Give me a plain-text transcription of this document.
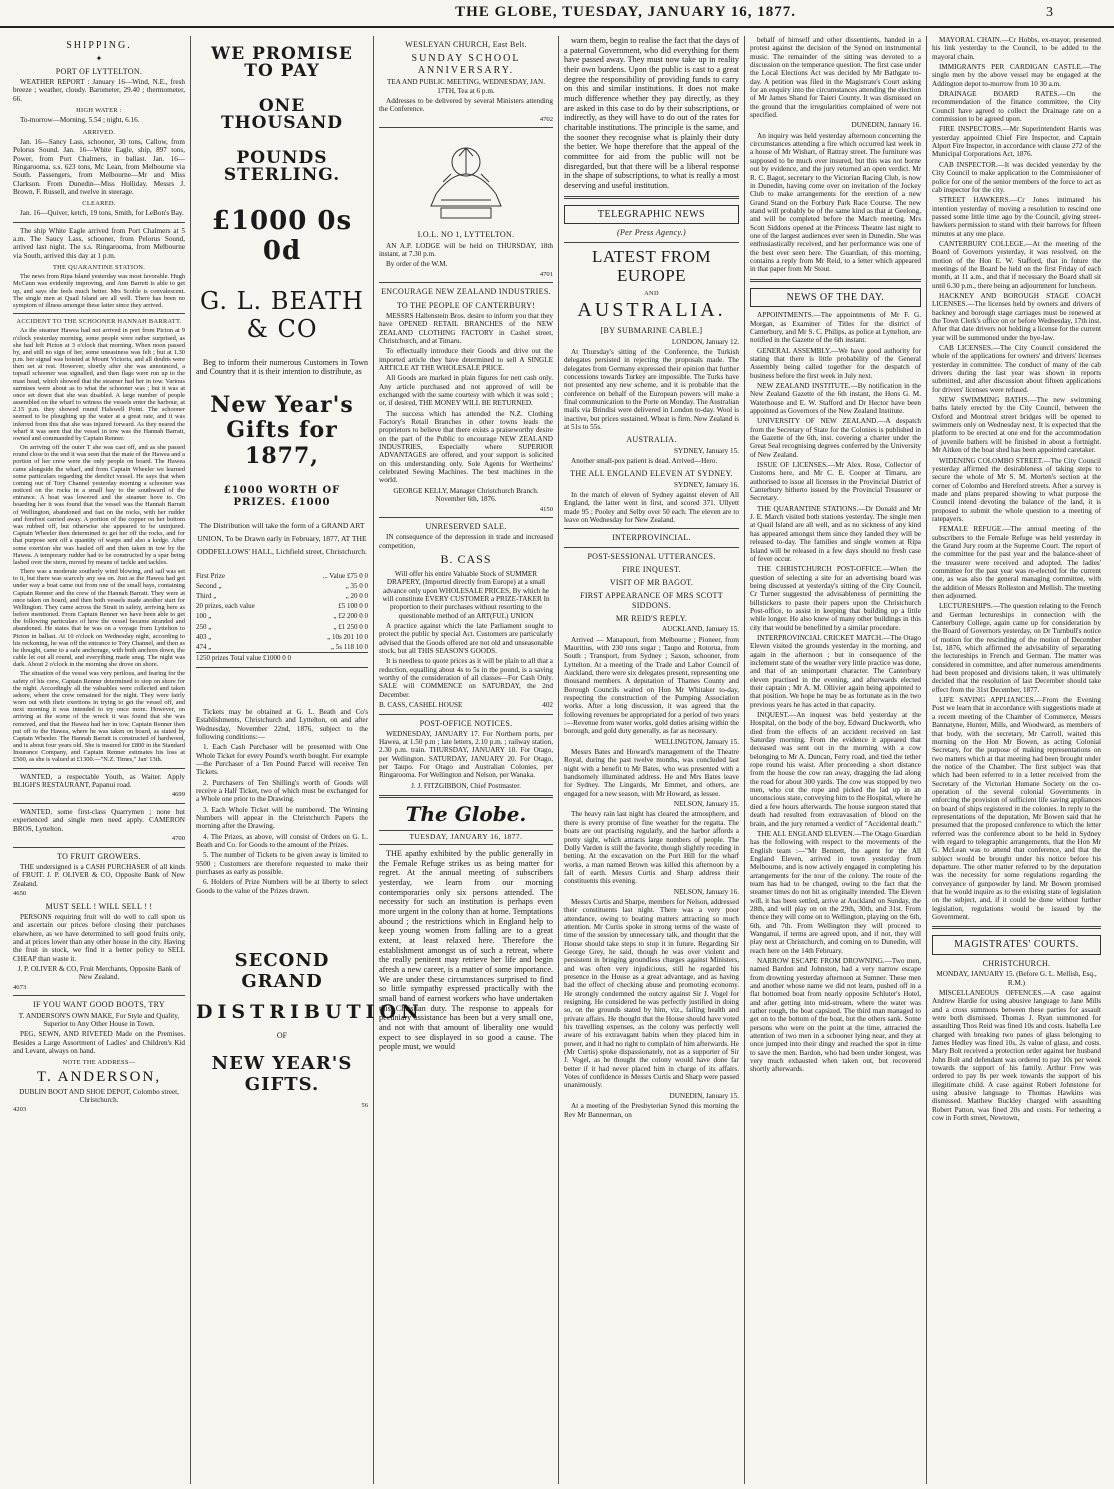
THE GLOBE, TUESDAY, JANUARY 16, 1877.	3
SHIPPING.
✦
PORT OF LYTTELTON.

WEATHER REPORT : January 16—Wind, N.E., fresh breeze ; weather, cloudy. Barometer, 29.40 ; thermometer, 66.

HIGH WATER :

To-morrow—Morning, 5.54 ; night, 6.16.

ARRIVED.

Jan. 16—Sancy Lass, schooner, 30 tons, Callow, from Pelorus Sound. Jan. 16—White Eagle, ship, 897 tons, Power, from Port Chalmers, in ballast. Jan. 16—Ringarooma, s.s. 623 tons, Mc Lean, from Melbourne via South. Passengers, from Melbourne—Mr and Miss Clarkson. From Dunedin—Miss Holliday. Messrs J. Brown, F. Russell, and twelve in steerage.

CLEARED.

Jan. 16—Quiver, ketch, 19 tons, Smith, for LeBon's Bay.

The ship White Eagle arrived from Port Chalmers at 5 a.m. The Saucy Lass, schooner, from Pelorus Sound, arrived last night. The s.s. Ringarooma, from Melbourne via South, arrived this day at 1 p.m.

THE QUARANTINE STATION.

The news from Ripa Island yesterday was most favorable. Hugh McCann was evidently improving, and Ann Barrett is able to get up, and says she feels much better. Mrs Scoble is convalescent. The single men at Quail Island are all well. There has been no symptom of illness amongst these latter since they arrived.

ACCIDENT TO THE SCHOONER HANNAH BARRATT.

As the steamer Hawea had not arrived in port from Picton at 9 o'clock yesterday morning, some people were rather surprised, as she had left Picton at 3 o'clock that morning. When noon passed by, and still no sign of her, some uneasiness was felt ; but at 1.30 p.m. her signal was hoisted at Mount Victoria, and all doubts were then set at rest. However, shortly after she was announced, a topsail schooner was signalled, and then flags were run up to the mast head, which showed that the steamer had her in tow. Various surmises were about as to what the schooner was ; but it was at once set down that she was disabled. A large number of people assembled on the wharf to witness the vessels enter the harbour, at 2.15 p.m. they showed round Halswell Point. The schooner seemed to be ploughing up the water at a great rate, and it was inferred from this that she was injured forward. As they neared the wharf it was seen that the vessel in tow was the Hannah Barratt, owned and commanded by Captain Renner.

On arriving off the outer T she was cast off, and as she passed round close to the end it was seen that the mate of the Hawea and a portion of her crew were the only people on board. The Hawea came alongside the wharf, and from Captain Wheeler we learned some particulars regarding the derelict vessel. He says that when coming out of Tory Channel yesterday morning a schooner was noticed on the rocks in a small bay to the southward of the entrance. A boat was lowered and the steamer hove to. On boarding her it was found that the vessel was the Hannah Barratt of Wellington, abandoned and fast on the rocks, with her rudder and forefoot carried away. A portion of the copper on her bottom was rubbed off, but otherwise she appeared to be uninjured. Captain Wheeler then determined to get her off the rocks, and for that purpose sent off a quantity of warps and also a kedge. After some exertion she was hauled off and then taken in tow by the Hawea. A temporary rudder had to be constructed by a spar being lashed over the stern, moved by means of tackle and tackles.

There was a moderate southerly wind blowing, and sail was set to it, but there was scarcely any sea on. Just as the Hawea had got under way a boat came out from one of the small bays, containing Captain Renner and the crew of the Hannah Barratt. They were at once taken on board, and then both vessels made another start for Wellington. They came across the Strait in safety, arriving here as before mentioned. From Captain Renner we have been able to get the following particulars of how the vessel became stranded and abandoned. He states that he was on a voyage from Lyttelton to Picton in ballast. At 10 o'clock on Wednesday night, according to his reckoning, he was off the entrance to Tory Channel, and then as he thought, came to a safe anchorage, with both anchors down, the cable let out all round, and everything made snug. The night was dark. About 2 o'clock in the morning she drove on shore.

The situation of the vessel was very perilous, and fearing for the safety of his crew, Captain Renner determined to stop on shore for the night. Accordingly all the valuables were collected and taken ashore, where the crew remained for the night. They were fairly worn out with their exertions in trying to get the vessel off, and next morning it was intended to try once more. However, on arriving at the scene of the wreck it was found that she was removed, and that the Hawea had her in tow. Captain Renner then put off to the Hawea, where he was taken on board, as stated by Captain Wheeler. The Hannah Barratt is constructed of hardwood, and is about four years old. She is insured for £800 in the Standard Insurance Company, and Captain Renner estimates his loss at £500, as she is valued at £1300.—"N.Z. Times," Jan' 13th.

WANTED, a respectable Youth, as Waiter. Apply BLIGH'S RESTAURANT, Papanui road.

4699

WANTED, some first-class Quarrymen ; none but experienced and single men need apply. CAMERON BROS, Lyttelton.

4700
TO FRUIT GROWERS.

THE undersigned is a CASH PURCHASER of all kinds of FRUIT. J. P. OLIVER & CO, Opposite Bank of New Zealand.

4650
MUST SELL ! WILL SELL ! !

PERSONS requiring fruit will do well to call upon us and ascertain our prices before closing their purchases elsewhere, as we have determined to sell good fruits only, and at prices lower than any other house in the city. Having the fruit in stock, we find it a better policy to SELL CHEAP than waste it.

J. P. OLIVER & CO, Fruit Merchants, Opposite Bank of New Zealand.

4673
IF YOU WANT GOOD BOOTS, TRY

T. ANDERSON'S OWN MAKE, For Style and Quality, Superior to Any Other House in Town.

PEG, SEWN, AND RIVETED Made on the Premises. Besides a Large Assortment of Ladies' and Children's Kid and Levant, always on hand.

NOTE THE ADDRESS—
T. ANDERSON,

DUBLIN BOOT AND SHOE DEPOT, Colombo street, Christchurch.

4203
WE PROMISE TO PAY
ONE THOUSAND
POUNDS STERLING.
£1000 0s 0d
G. L. BEATH & CO

Beg to inform their numerous Customers in Town and Country that it is their intention to distribute, as

New Year's Gifts for 1877,
£1000 WORTH OF PRIZES. £1000

The Distribution will take the form of a GRAND ART UNION, To be Drawn early in February, 1877, AT THE ODDFELLOWS' HALL, Lichfield street, Christchurch.

First Prize	... Value £75 0 0
Second „	„ 35 0 0
Third „	„ 20 0 0
20 prizes, each value	£5 100 0 0
100 „	„ £2 200 0 0
250 „	„ £1 250 0 0
403 „	„ 10s 201 10 0
474 „	„ 5s 118 10 0
1250 prizes Total value £1000 0 0	

Tickets may be obtained at G. L. Beath and Co's Establishments, Christchurch and Lyttelton, on and after Wednesday, November 22nd, 1876, subject to the following conditions:—

1. Each Cash Purchaser will be presented with One Whole Ticket for every Pound's worth bought. For example—the Purchaser of a Ten Pound Parcel will receive Ten Tickets.

2. Purchasers of Ten Shilling's worth of Goods will receive a Half Ticket, two of which must be exchanged for a Whole one prior to the Drawing.

3. Each Whole Ticket will be numbered. The Winning Numbers will appear in the Christchurch Papers the morning after the Drawing.

4. The Prizes, as above, will consist of Orders on G. L. Beath and Co. for Goods to the amount of the Prizes.

5. The number of Tickets to be given away is limited to 9500 ; Customers are therefore requested to make their purchases as early as possible.

6. Holders of Prize Numbers will be at liberty to select Goods to the value of the Prizes drawn.

SECOND GRAND
DISTRIBUTION
OF
NEW YEAR'S GIFTS.
56
WESLEYAN CHURCH, East Belt.
SUNDAY SCHOOL ANNIVERSARY.

TEA AND PUBLIC MEETING, WEDNESDAY, JAN. 17TH, Tea at 6 p.m.

Addresses to be delivered by several Ministers attending the Conference.

4702
I.O.L. NO 1, LYTTELTON.

AN A.P. LODGE will be held on THURSDAY, 18th instant, at 7.30 p.m.

By order of the W.M.

4701
ENCOURAGE NEW ZEALAND INDUSTRIES.
TO THE PEOPLE OF CANTERBURY!

MESSRS Hallenstein Bros. desire to inform you that they have OPENED RETAIL BRANCHES of the NEW ZEALAND CLOTHING FACTORY in Cashel street, Christchurch, and at Timaru.

To effectually introduce their Goods and drive out the imported article they have determined to sell A SINGLE ARTICLE AT THE WHOLESALE PRICE.

All Goods are marked in plain figures for nett cash only. Any article purchased and not approved of will be exchanged with the same courtesy with which it was sold ; or, if desired, THE MONEY WILL BE RETURNED.

The success which has attended the N.Z. Clothing Factory's Retail Branches in other towns leads the proprietors to believe that there exists a praiseworthy desire on the part of the Public to encourage NEW ZEALAND INDUSTRIES, Especially where SUPERIOR ADVANTAGES are offered, and your support is solicited on this understanding only. Sole Agents for Wertheims' celebrated Sewing Machines. The best machines in the world.

GEORGE KELLY, Manager Christchurch Branch. November 6th, 1876.

4150
UNRESERVED SALE.

IN consequence of the depression in trade and increased competition,

B. CASS

Will offer his entire Valuable Stock of SUMMER DRAPERY, (Imported directly from Europe) at a small advance only upon WHOLESALE PRICES, By which he will constitute EVERY CUSTOMER a PRIZE-TAKER In proportion to their purchases without resorting to the questionable method of an ART(FUL) UNION

A practice against which the late Parliament sought to protect the public by special Act. Customers are particularly advised that the Goods offered are not old and unseasonable stock, but all THIS SEASON'S GOODS.

It is needless to quote prices as it will be plain to all that a reduction, equalling about 4s to 5s in the pound, is a saving worthy of the consideration of all classes—For Cash Only. SALE will COMMENCE on SATURDAY, the 2nd December.

B. CASS, CASHEL HOUSE	402
POST-OFFICE NOTICES.

WEDNESDAY, JANUARY 17. For Northern ports, per Hawea, at 1.50 p.m ; late letters, 2.10 p.m. ; railway station, 2.30 p.m. train. THURSDAY, JANUARY 18. For Otago, per Wellington. SATURDAY, JANUARY 20. For Otago, per Taupo. For Otago and Australian Colonies, per Ringarooma. For Wellington and Nelson, per Wanaka.

J. J. FITZGIBBON, Chief Postmaster.

The Globe.
TUESDAY, JANUARY 16, 1877.

THE apathy exhibited by the public generally in the Female Refuge strikes us as being matter for regret. At the annual meeting of subscribers yesterday, we learn from our morning contemporaries only six persons attended. The necessity for such an institution is perhaps even more urgent in the colony than at home. Temptations abound ; the restrictions which in England help to keep young women from falling are to a great extent, at least relaxed here. Therefore the establishment amongst us of such a retreat, where the really penitent may retrieve her life and begin afresh a new career, is a matter of some importance. We are under these circumstances surprised to find so little sympathy expressed practically with the small band of earnest workers who have undertaken this Christian duty. The response to appeals for pecuniary assistance has been but a very small one, and not with that amount of liberality one would expect to see displayed in so good a cause. The people must, we would

warn them, begin to realise the fact that the days of a paternal Government, who did everything for them have passed away. They must now take up in reality their own burdens. Upon the public is cast to a great degree the responsibility of providing funds to carry on this and similar institutions. It does not make much difference whether they pay directly, as they are asked in this case to do by their subscriptions, or indirectly, as they will have to do out of the rates for charitable institutions. The principle is the same, and the sooner they recognise what is plainly their duty the better. We hope therefore that the appeal of the committee for aid from the public will not be disregarded, but that there will be a liberal response in the shape of subscriptions, to what is really a most deserving and useful institution.

TELEGRAPHIC NEWS
(Per Press Agency.)
LATEST FROM EUROPE
AND
AUSTRALIA.
[BY SUBMARINE CABLE.]

LONDON, January 12.

At Thursday's sitting of the Conference, the Turkish delegates persisted in rejecting the proposals made. The delegates from Germany expressed their opinion that further concessions towards Turkey are impossible. The Turks have not presented any new scheme, and it is probable that the conference on behalf of the European powers will make a final communication to the Porte on Monday. The Australian mails via Brindisi were delivered in London to-day. Wool is inactive, but prices sustained. Wheat is firm. New Zealand is at 51s to 55s.

AUSTRALIA.

SYDNEY, January 15.

Another small-pox patient is dead. Arrived—Hero.

THE ALL ENGLAND ELEVEN AT SYDNEY.

SYDNEY, January 16.

In the match of eleven of Sydney against eleven of All England, the latter went in first, and scored 371. Ullyett made 95 ; Pooley and Selby over 50 each. The eleven are to leave on Wednesday for New Zealand.

INTERPROVINCIAL.
POST-SESSIONAL UTTERANCES.
FIRE INQUEST.
VISIT OF MR BAGOT.
FIRST APPEARANCE OF MRS SCOTT SIDDONS.
MR REID'S REPLY.

AUCKLAND, January 15.

Arrived — Manapouri, from Melbourne ; Pioneer, from Mauritius, with 230 tons sugar ; Taupo and Rotorua, from South ; Transport, from Sydney ; Saxon, schooner, from Lyttelton. At a meeting of the Trade and Labor Council of Auckland, there were six delegates present, representing one thousand members. A deputation of Thames County and Borough Councils waited on Hon Mr Whitaker to-day, respecting the construction of the Pumping Association works. After a long discussion, it was agreed that the following revenues be appropriated for a period of two years :—Revenue from water works, gold duties arising within the borough, and gold duty generally, as far as necessary.

WELLINGTON, January 15.

Messrs Bates and Howard's management of the Theatre Royal, during the past twelve months, was concluded last night with a benefit to Mr Bates, who was presented with a handsomely illuminated address. He and Mrs Bates leave for Sydney. The Lingards, Mr Emmet, and others, are engaged for a new season, with Mr Howard, as lessee.

NELSON, January 15.

The heavy rain last night has cleared the atmosphere, and there is every promise of fine weather for the regatta. The boats are out practising regularly, and the harbor affords a pretty sight, which attracts large numbers of people. The Dolly Varden is still the favorite, though slightly receding in betting. At the excavation on the Port Hill for the wharf works, a man named Brown was killed this afternoon by a fall of earth. Messrs Curtis and Sharp address their constituents this evening.

NELSON, January 16.

Messrs Curtis and Sharpe, members for Nelson, addressed their constituents last night. There was a very poor attendance, owing to boating matters attracting so much attention. Mr Curtis spoke in strong terms of the waste of time of the session by unnecessary talk, and thought that the House should take steps to stop it in future. Regarding Sir George Grey, he said, though he was over violent and persistent in bringing groundless charges against Ministers, and was often very injudicious, still he regarded his presence in the House as a great advantage, and as having had the effect of checking abuse and promoting economy. He strongly condemned the outcry against Sir J. Vogel for resigning. He considered he was perfectly justified in doing so, on the grounds stated by him, viz., failing health and private affairs. He thought that the House should have voted his travelling expenses, as the colony was perfectly well aware of his extravagant habits when they placed him in power, and it had no right to complain of him afterwards. He (Mr Curtis) spoke dispassionately, not as a supporter of Sir J. Vogel, as he thought the colony would have done far better if it had never placed him in charge of its affairs. Votes of confidence in Messrs Curtis and Sharp were passed unanimously.

DUNEDIN, January 15.

At a meeting of the Presbyterian Synod this morning the Rev Mr Bannerman, on

behalf of himself and other dissentients, handed in a protest against the decision of the Synod on instrumental music. The remainder of the sitting was devoted to a discussion on the temperance question. The first case under the Local Elections Act was decided by Mr Bathgate to-day. A petition was filed in the Magistrate's Court asking for an enquiry into the circumstances attending the election of Mr James Shand for Taieri County. It was dismissed on the ground that the irregularities complained of were not specified.

DUNEDIN, January 16.

An inquiry was held yesterday afternoon concerning the circumstances attending a fire which occurred last week in a house of Mr Wishart, of Rattray street. The furniture was supposed to be much over insured, but this was not borne out by evidence, and the jury returned an open verdict. Mr R. C. Bagot, secretary to the Victorian Racing Club, is now in Dunedin, having come over on invitation of the Jockey Club to make arrangements for the erection of a new Grand Stand on the Forbury Park Race Course. The new stand will probably be of the same kind as that at Geelong, and will be completed before the March meeting. Mrs Scott Siddons opened at the Princess Theatre last night to one of the largest audiences ever seen in Dunedin. She was enthusiastically received, and her performance was one of the best ever seen here. The Guardian, of this morning, contains a reply from Mr Reid, to a letter which appeared in that paper from Mr Stout.

NEWS OF THE DAY.

APPOINTMENTS.—The appointments of Mr F. G. Morgan, as Examiner of Titles for the district of Canterbury, and Mr S. C. Philips, as police at Lyttelton, are notified in the Gazette of the 6th instant.

GENERAL ASSEMBLY.—We have good authority for stating that there is little probability of the General Assembly being called together for the despatch of business before the first week in July next.

NEW ZEALAND INSTITUTE.—By notification in the New Zealand Gazette of the 6th instant, the Hons G. M. Waterhouse and E. W. Stafford and Dr Hector have been appointed as Governors of the New Zealand Institute.

UNIVERSITY OF NEW ZEALAND.—A despatch from the Secretary of State for the Colonies is published in the Gazette of the 6th, inst. covering a charter under the Great Seal recognising degrees conferred by the University of New Zealand.

ISSUE OF LICENSES.—Mr Alex. Rose, Collector of Customs here, and Mr C. E. Cooper at Timaru, are authorised to issue all licenses in the Provincial District of Canterbury hitherto issued by the Provincial Treasurer or Secretary.

THE QUARANTINE STATIONS.—Dr Donald and Mr J. E. March visited both stations yesterday. The single men at Quail Island are all well, and as no sickness of any kind has appeared amongst them since they landed they will be released to-day. The families and single women at Ripa Island will be released in a few days should no fresh case of fever occur.

THE CHRISTCHURCH POST-OFFICE.—When the question of selecting a site for an advertising board was being discussed at yesterday's sitting of the City Council, Cr Turner suggested the advisableness of permitting the billstickers to paste their papers upon the Christchurch Post-office, to assist in keeping that building up a little while longer. He also knew of many other buildings in this city that would be benefitted by a similar procedure.

INTERPROVINCIAL CRICKET MATCH.—The Otago Eleven visited the grounds yesterday in the morning, and again in the afternoon ; but in consequence of the inclement state of the weather very little practice was done, and that of an unimportant character. The Canterbury eleven practised in the evening, and afterwards elected their captain ; Mr A. M. Ollivier again being appointed to that position. We hope he may be as fortunate as in the two previous years he has acted in that capacity.

INQUEST.—An inquest was held yesterday at the Hospital, on the body of the boy, Edward Duckworth, who died from the effects of an accident received on last Saturday morning. From the evidence it appeared that deceased was sent out in the morning with a cow belonging to Mr A. Duncan, Ferry road, and tied the tether rope round his waist. After proceeding a short distance from the house the cow ran away, dragging the lad along the road for about 300 yards. The cow was stopped by two men, who cut the rope and picked the lad up in an unconscious state, conveying him to the Hospital, where he died a few hours afterwards. The house surgeon stated that death had resulted from extravasation of blood on the brain, and the jury returned a verdict of "Accidental death."

THE ALL ENGLAND ELEVEN.—The Otago Guardian has the following with respect to the movements of the English team :—"Mr Bennett, the agent for the All England Eleven, arrived in town yesterday from Melbourne, and is now actively engaged in completing his arrangements for the tour of the colony. The route of the team has had to be changed, owing to the fact that the steamer times do not hit as originally intended. The Eleven will, it has been settled, arrive at Auckland on Sunday, the 28th, and will play on on the 29th, 30th, and 31st. From thence they will come on to Wellington, playing on the 6th, 6th, and 7th. From Wellington they will proceed to Wanganui, if terms are agreed upon, and if not, they will play next at Christchurch, and coming on to Dunedin, will reach here on the 14th February.

NARROW ESCAPE FROM DROWNING.—Two men, named Bardon and Johnston, had a very narrow escape from drowning yesterday afternoon at Sumner. These men and another whose name we did not learn, pushed off in a flat bottomed boat from nearly opposite Schluter's Hotel, and after getting into mid-stream, where the water was rather rough, the boat capsized. The third man managed to get on to the bottom of the boat, but the others sank. Some persons who were on the point at the time, attracted the attention of two men in a schooner lying near, and they at once jumped into their dingy and reached the spot in time to save the men. Bardon, who had been under longest, was very much exhausted when taken out, but recovered shortly afterwards.

MAYORAL CHAIN.—Cr Hobbs, ex-mayor, presented his link yesterday to the Council, to be added to the mayoral chain.

IMMIGRANTS PER CARDIGAN CASTLE.—The single men by the above vessel may be engaged at the Addington depot to-morrow from 10 30 a.m.

DRAINAGE BOARD RATES.—On the recommendation of the finance committee, the City Council have agreed to collect the Drainage rate on a commission to be agreed upon.

FIRE INSPECTORS.—Mr Superintendent Harris was yesterday appointed Chief Fire Inspector, and Captain Alport Fire Inspector, in accordance with clause 272 of the Municipal Corporations Act, 1876.

CAB INSPECTOR.—It was decided yesterday by the City Council to make application to the Commissioner of police for one of the senior members of the force to act as cab inspector for the city.

STREET HAWKERS.—Cr Jones intimated his intention yesterday of moving a resolution to rescind one passed some little time ago by the Council, giving street-hawkers permission to stand with their barrows for fifteen minutes at any one place.

CANTERBURY COLLEGE.—At the meeting of the Board of Governors yesterday, it was resolved, on the motion of the Hon E. W. Stafford, that in future the meetings of the Board be held on the first Friday of each month, at 11 a.m., and that if necessary the Board shall sit until 6.30 p.m., there being an adjournment for luncheon.

HACKNEY AND BOROUGH STAGE COACH LICENSES.—The licenses held by owners and drivers of hackney and borough stage carriages must be renewed at the Town Clerk's office on or before Wednesday, 17th inst. After that date drivers not holding a license for the current year will be summoned under the bye-law.

CAB LICENSES.—The City Council considered the whole of the applications for owners' and drivers' licenses yesterday in committee. The conduct of many of the cab drivers during the last year was shown in reports submitted, and after discussion about fifteen applications for drivers' licenses were refused.

NEW SWIMMING BATHS.—The new swimming baths lately erected by the City Council, between the Oxford and Montreal street bridges will be opened to swimmers only on Wednesday next. It is expected that the platform to be erected at one end for the accommodation of juvenile bathers will be finished in about a fortnight. Mr Aitken of the boat shed has been appointed caretaker.

WIDENING COLOMBO STREET.—The City Council yesterday affirmed the desirableness of taking steps to secure the whole of Mr S. M. Morten's section at the corner of Colombo and Hereford streets. After a survey is made and plans prepared showing to what purpose the Council intend devoting the balance of the land, it is proposed to submit the whole question to a meeting of ratepayers.

FEMALE REFUGE.—The annual meeting of the subscribers to the Female Refuge was held yesterday in the Grand Jury room at the Supreme Court. The report of the committee for the past year and the balance-sheet of the treasurer were received and adopted. The ladies' committee for the past year was re-elected for the current one, as was also the general managing committee, with the addition of Messrs Rolleston and Mellish. The meeting then adjourned.

LECTURESHIPS.—The question relating to the French and German lectureships in connection with the Canterbury College, again came up for consideration by the Board of Governors yesterday, on Dr Turnbull's notice of motion for the rescinding of the motion of December 1st, 1876, which affirmed the advisability of separating the lectureships in French and German. The matter was considered in committee, and after numerous amendments had been proposed and divisions taken, it was ultimately decided that the resolution of last December should take effect from the 31st December, 1877.

LIFE SAVING APPLIANCES.—From the Evening Post we learn that in accordance with suggestions made at a recent meeting of the Chamber of Commerce, Messrs Bannatyne, Hunter, Mills, and Woodward, as members of that body, with the secretary, Mr Carroll, waited this morning on the Hon Mr Bowen, as acting Colonial Secretary, for the purpose of making representations on two matters which at that meeting had been brought under the notice of the Chamber. The first subject was that which had been referred to in a letter received from the Secretary of the Victorian Humane Society on the co-operation of the several colonial Governments in enforcing the provision of sufficient life saving appliances on board of ships registered in the colonies. In reply to the representations of the deputation, Mr Bowen said that he presumed that the proposed conference to which the letter referred was the conference about to be held in Sydney with regard to telegraphic arrangements, that the Hon Mr G. McLean was to attend that conference, and that the subject would be brought under his notice before his departure. The other matter referred to by the deputation was the necessity for some regulations regarding the conveyance of gunpowder by land. Mr Bowen promised that he would inquire as to the existing state of legislation on the subject, and, if it could be done without further legislation, regulations would be issued by the Government.

MAGISTRATES' COURTS.
CHRISTCHURCH.

MONDAY, JANUARY 15. (Before G. L. Mellish, Esq., R.M.)

MISCELLANEOUS OFFENCES.—A case against Andrew Hardie for using abusive language to Jane Mills and a cross summons between these parties for assault were both dismissed. Thomas J. Ryan summoned for assaulting Thos Reid was fined 10s and costs. Isabella Lee charged with breaking two panes of glass belonging to James Hedley was fined 10s, 2s value of glass, and costs. Mary Bolt received a protection order against her husband John Bolt and defendant was ordered to pay 10s per week towards the support of his family. Arthur Frew was ordered to pay 8s per week towards the support of his illegitimate child. A case against Robert Johnstone for using abusive language to Thomas Hawkins was dismissed. Matthew Buckley charged with assaulting Robert Patton, was fined 20s and costs. For tethering a cow in Forth street, Newtown,
